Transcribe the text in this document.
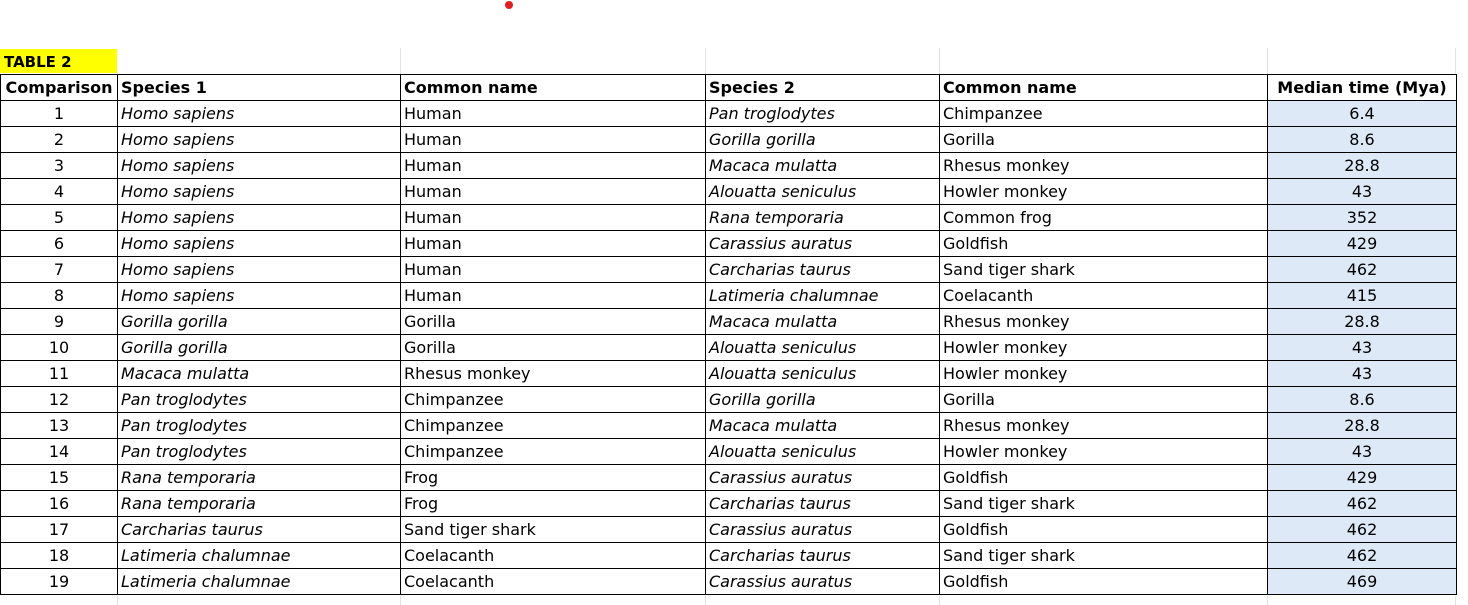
TABLE 2
Comparison	Species 1	Common name	Species 2	Common name	Median time (Mya)
1	Homo sapiens	Human	Pan troglodytes	Chimpanzee	6.4
2	Homo sapiens	Human	Gorilla gorilla	Gorilla	8.6
3	Homo sapiens	Human	Macaca mulatta	Rhesus monkey	28.8
4	Homo sapiens	Human	Alouatta seniculus	Howler monkey	43
5	Homo sapiens	Human	Rana temporaria	Common frog	352
6	Homo sapiens	Human	Carassius auratus	Goldfish	429
7	Homo sapiens	Human	Carcharias taurus	Sand tiger shark	462
8	Homo sapiens	Human	Latimeria chalumnae	Coelacanth	415
9	Gorilla gorilla	Gorilla	Macaca mulatta	Rhesus monkey	28.8
10	Gorilla gorilla	Gorilla	Alouatta seniculus	Howler monkey	43
11	Macaca mulatta	Rhesus monkey	Alouatta seniculus	Howler monkey	43
12	Pan troglodytes	Chimpanzee	Gorilla gorilla	Gorilla	8.6
13	Pan troglodytes	Chimpanzee	Macaca mulatta	Rhesus monkey	28.8
14	Pan troglodytes	Chimpanzee	Alouatta seniculus	Howler monkey	43
15	Rana temporaria	Frog	Carassius auratus	Goldfish	429
16	Rana temporaria	Frog	Carcharias taurus	Sand tiger shark	462
17	Carcharias taurus	Sand tiger shark	Carassius auratus	Goldfish	462
18	Latimeria chalumnae	Coelacanth	Carcharias taurus	Sand tiger shark	462
19	Latimeria chalumnae	Coelacanth	Carassius auratus	Goldfish	469
